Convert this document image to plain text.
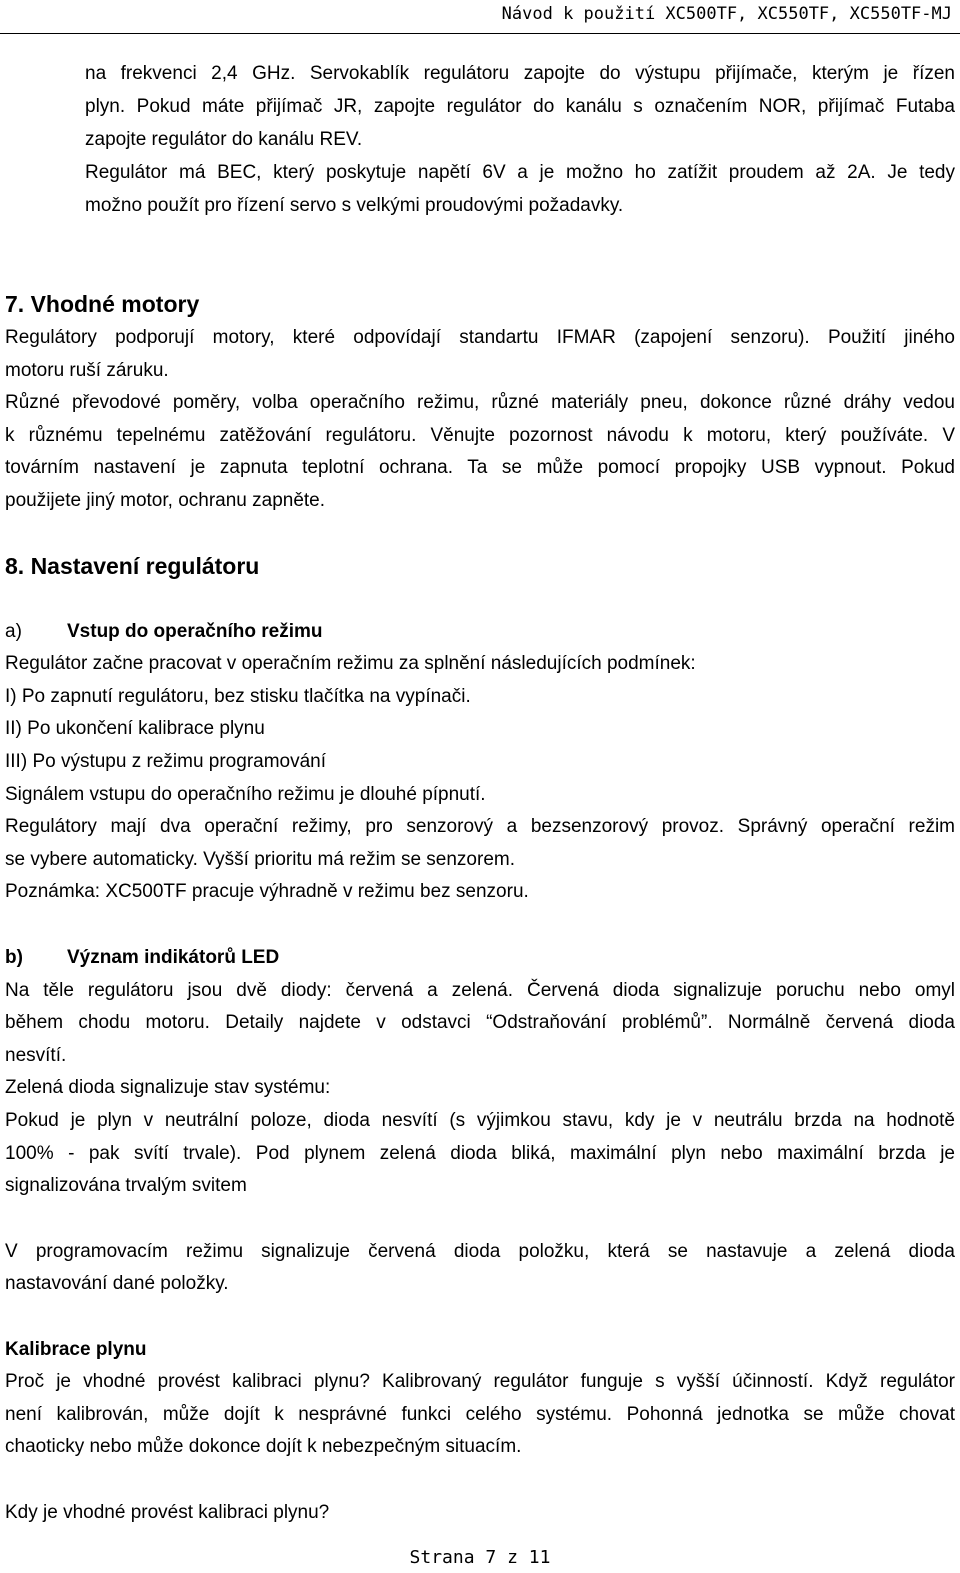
Návod k použití XC500TF, XC550TF, XC550TF-MJ
na frekvenci 2,4 GHz. Servokablík regulátoru zapojte do výstupu přijímače, kterým je řízen
plyn. Pokud máte přijímač JR, zapojte regulátor do kanálu s označením NOR, přijímač Futaba
zapojte regulátor do kanálu REV.
Regulátor má BEC, který poskytuje napětí 6V a je možno ho zatížit proudem až 2A. Je tedy
možno použít pro řízení servo s velkými proudovými požadavky.
7. Vhodné motory
Regulátory podporují motory, které odpovídají standartu IFMAR (zapojení senzoru). Použití jiného
motoru ruší záruku.
Různé převodové poměry, volba operačního režimu, různé materiály pneu, dokonce různé dráhy vedou
k různému tepelnému zatěžování regulátoru. Věnujte pozornost návodu k motoru, který používáte. V
továrním nastavení je zapnuta teplotní ochrana. Ta se může pomocí propojky USB vypnout. Pokud
použijete jiný motor, ochranu zapněte.
8. Nastavení regulátoru
a) Vstup do operačního režimu
Regulátor začne pracovat v operačním režimu za splnění následujících podmínek:
I) Po zapnutí regulátoru, bez stisku tlačítka na vypínači.
II) Po ukončení kalibrace plynu
III) Po výstupu z režimu programování
Signálem vstupu do operačního režimu je dlouhé pípnutí.
Regulátory mají dva operační režimy, pro senzorový a bezsenzorový provoz. Správný operační režim
se vybere automaticky. Vyšší prioritu má režim se senzorem.
Poznámka: XC500TF pracuje výhradně v režimu bez senzoru.
b) Význam indikátorů LED
Na těle regulátoru jsou dvě diody: červená a zelená. Červená dioda signalizuje poruchu nebo omyl
během chodu motoru. Detaily najdete v odstavci “Odstraňování problémů”. Normálně červená dioda
nesvítí.
Zelená dioda signalizuje stav systému:
Pokud je plyn v neutrální poloze, dioda nesvítí (s výjimkou stavu, kdy je v neutrálu brzda na hodnotě
100% - pak svítí trvale). Pod plynem zelená dioda bliká, maximální plyn nebo maximální brzda je
signalizována trvalým svitem
V programovacím režimu signalizuje červená dioda položku, která se nastavuje a zelená dioda
nastavování dané položky.
Kalibrace plynu
Proč je vhodné provést kalibraci plynu? Kalibrovaný regulátor funguje s vyšší účinností. Když regulátor
není kalibrován, může dojít k nesprávné funkci celého systému. Pohonná jednotka se může chovat
chaoticky nebo může dokonce dojít k nebezpečným situacím.
Kdy je vhodné provést kalibraci plynu?
Strana 7 z 11
